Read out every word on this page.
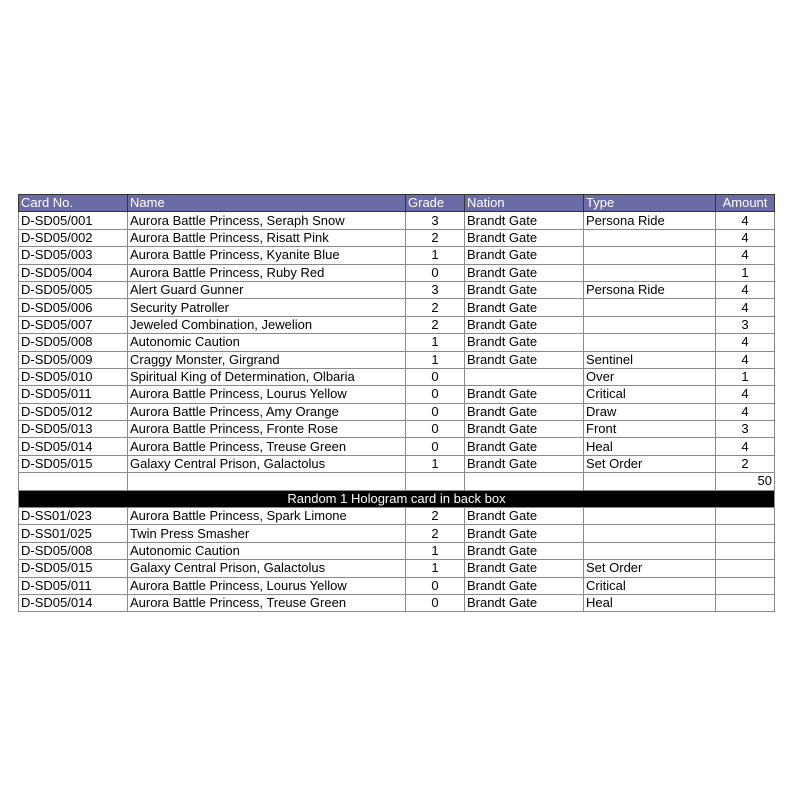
Card No.	Name	Grade	Nation	Type	Amount
D-SD05/001	Aurora Battle Princess, Seraph Snow	3	Brandt Gate	Persona Ride	4
D-SD05/002	Aurora Battle Princess, Risatt Pink	2	Brandt Gate		4
D-SD05/003	Aurora Battle Princess, Kyanite Blue	1	Brandt Gate		4
D-SD05/004	Aurora Battle Princess, Ruby Red	0	Brandt Gate		1
D-SD05/005	Alert Guard Gunner	3	Brandt Gate	Persona Ride	4
D-SD05/006	Security Patroller	2	Brandt Gate		4
D-SD05/007	Jeweled Combination, Jewelion	2	Brandt Gate		3
D-SD05/008	Autonomic Caution	1	Brandt Gate		4
D-SD05/009	Craggy Monster, Girgrand	1	Brandt Gate	Sentinel	4
D-SD05/010	Spiritual King of Determination, Olbaria	0		Over	1
D-SD05/011	Aurora Battle Princess, Lourus Yellow	0	Brandt Gate	Critical	4
D-SD05/012	Aurora Battle Princess, Amy Orange	0	Brandt Gate	Draw	4
D-SD05/013	Aurora Battle Princess, Fronte Rose	0	Brandt Gate	Front	3
D-SD05/014	Aurora Battle Princess, Treuse Green	0	Brandt Gate	Heal	4
D-SD05/015	Galaxy Central Prison, Galactolus	1	Brandt Gate	Set Order	2
					50
Random 1 Hologram card in back box					
D-SS01/023	Aurora Battle Princess, Spark Limone	2	Brandt Gate		
D-SS01/025	Twin Press Smasher	2	Brandt Gate		
D-SD05/008	Autonomic Caution	1	Brandt Gate		
D-SD05/015	Galaxy Central Prison, Galactolus	1	Brandt Gate	Set Order	
D-SD05/011	Aurora Battle Princess, Lourus Yellow	0	Brandt Gate	Critical	
D-SD05/014	Aurora Battle Princess, Treuse Green	0	Brandt Gate	Heal	
